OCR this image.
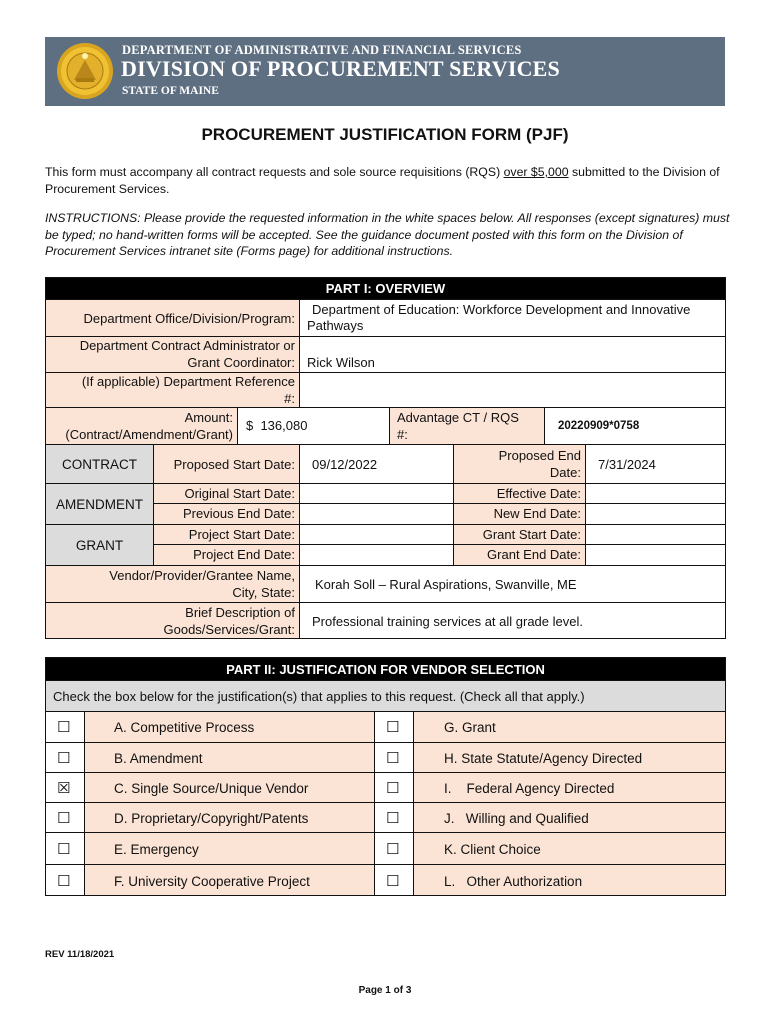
DEPARTMENT OF ADMINISTRATIVE AND FINANCIAL SERVICES
DIVISION OF PROCUREMENT SERVICES
STATE OF MAINE
PROCUREMENT JUSTIFICATION FORM (PJF)
This form must accompany all contract requests and sole source requisitions (RQS) over $5,000 submitted to the Division of Procurement Services.
INSTRUCTIONS: Please provide the requested information in the white spaces below. All responses (except signatures) must be typed; no hand-written forms will be accepted. See the guidance document posted with this form on the Division of Procurement Services intranet site (Forms page) for additional instructions.
PART I: OVERVIEW
Department Office/Division/Program:
Department of Education: Workforce Development and Innovative Pathways
Department Contract Administrator or
Grant Coordinator: Rick Wilson
(If applicable) Department Reference
#:
Amount:
(Contract/Amendment/Grant)
$  136,080
Advantage CT / RQS
#:
20220909*0758
CONTRACT	Proposed Start Date: 09/12/2022
Proposed End
Date:
7/31/2024
AMENDMENT
Original Start Date:	Effective Date:
Previous End Date:	New End Date:
GRANT
Project Start Date:	Grant Start Date:
Project End Date:	Grant End Date:
Vendor/Provider/Grantee Name,
City, State:
Korah Soll – Rural Aspirations, Swanville, ME
Brief Description of
Goods/Services/Grant:
Professional training services at all grade level.
PART II: JUSTIFICATION FOR VENDOR SELECTION
Check the box below for the justification(s) that applies to this request. (Check all that apply.)
☐	A. Competitive Process
☐	B. Amendment
☒	C. Single Source/Unique Vendor
☐	D. Proprietary/Copyright/Patents
☐	E. Emergency
☐	F. University Cooperative Project
☐	G. Grant
☐	H. State Statute/Agency Directed
☐	I.    Federal Agency Directed
☐	J.   Willing and Qualified
☐	K. Client Choice
☐	L.   Other Authorization
REV 11/18/2021
Page 1 of 3
